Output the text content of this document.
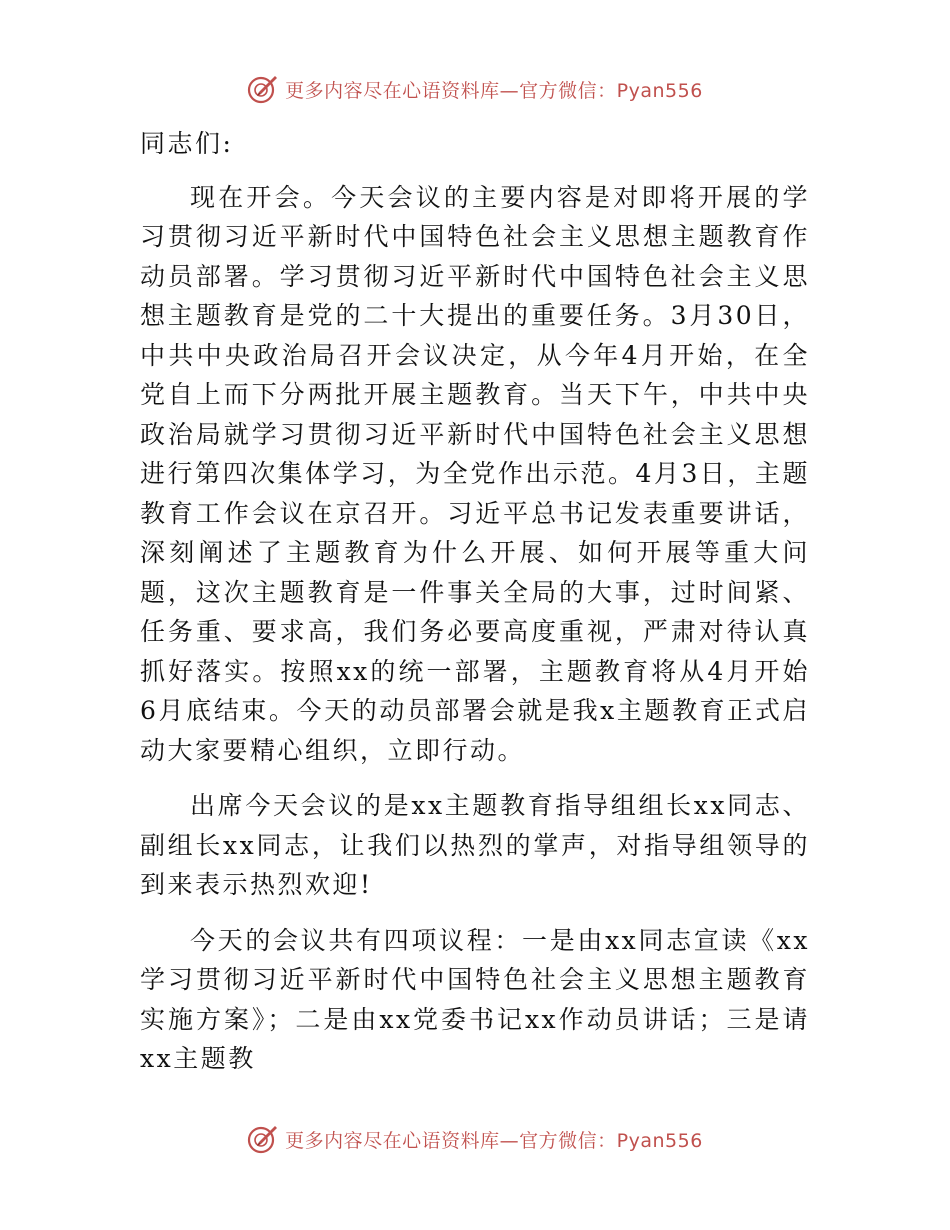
更多内容尽在心语资料库—官方微信：Pyan556

同志们:

现在开会。今天会议的主要内容是对即将开展的学习贯彻习近平新时代中国特色社会主义思想主题教育作动员部署。学习贯彻习近平新时代中国特色社会主义思想主题教育是党的二十大提出的重要任务。3月30日，中共中央政治局召开会议决定，从今年4月开始，在全党自上而下分两批开展主题教育。当天下午，中共中央政治局就学习贯彻习近平新时代中国特色社会主义思想进行第四次集体学习，为全党作出示范。4月3日，主题教育工作会议在京召开。习近平总书记发表重要讲话，深刻阐述了主题教育为什么开展、如何开展等重大问题，这次主题教育是一件事关全局的大事，过时间紧、任务重、要求高，我们务必要高度重视，严肃对待认真抓好落实。按照xx的统一部署，主题教育将从4月开始6月底结束。今天的动员部署会就是我x主题教育正式启动大家要精心组织，立即行动。

出席今天会议的是xx主题教育指导组组长xx同志、副组长xx同志，让我们以热烈的掌声，对指导组领导的到来表示热烈欢迎!

今天的会议共有四项议程：一是由xx同志宣读《xx学习贯彻习近平新时代中国特色社会主义思想主题教育实施方案》；二是由xx党委书记xx作动员讲话；三是请xx主题教

更多内容尽在心语资料库—官方微信：Pyan556
